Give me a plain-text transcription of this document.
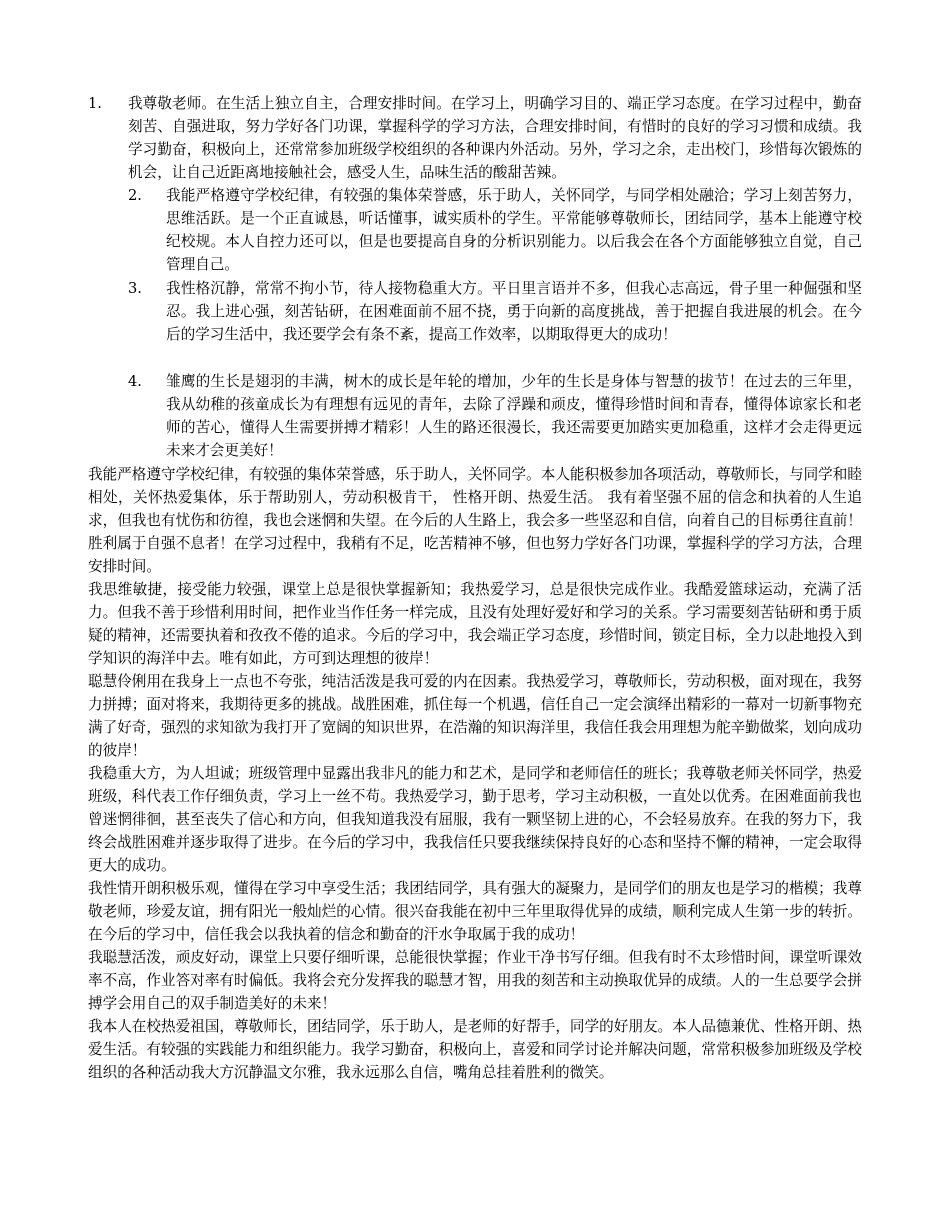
1. 我尊敬老师。在生活上独立自主，合理安排时间。在学习上，明确学习目的、端正学习态度。在学习过程中，勤奋刻苦、自强进取，努力学好各门功课，掌握科学的学习方法，合理安排时间，有惜时的良好的学习习惯和成绩。我学习勤奋，积极向上，还常常参加班级学校组织的各种课内外活动。另外，学习之余，走出校门，珍惜每次锻炼的机会，让自己近距离地接触社会，感受人生，品味生活的酸甜苦辣。
2. 我能严格遵守学校纪律，有较强的集体荣誉感，乐于助人，关怀同学，与同学相处融洽；学习上刻苦努力，思维活跃。是一个正直诚恳，听话懂事，诚实质朴的学生。平常能够尊敬师长，团结同学，基本上能遵守校纪校规。本人自控力还可以，但是也要提高自身的分析识别能力。以后我会在各个方面能够独立自觉，自己管理自己。
3. 我性格沉静，常常不拘小节，待人接物稳重大方。平日里言语并不多，但我心志高远，骨子里一种倔强和坚忍。我上进心强，刻苦钻研，在困难面前不屈不挠，勇于向新的高度挑战，善于把握自我进展的机会。在今后的学习生活中，我还要学会有条不紊，提高工作效率，以期取得更大的成功！
4. 雏鹰的生长是翅羽的丰满，树木的成长是年轮的增加，少年的生长是身体与智慧的拔节！在过去的三年里，我从幼稚的孩童成长为有理想有远见的青年，去除了浮躁和顽皮，懂得珍惜时间和青春，懂得体谅家长和老师的苦心，懂得人生需要拼搏才精彩！人生的路还很漫长，我还需要更加踏实更加稳重，这样才会走得更远未来才会更美好！

我能严格遵守学校纪律，有较强的集体荣誉感，乐于助人，关怀同学。本人能积极参加各项活动，尊敬师长，与同学和睦相处，关怀热爱集体，乐于帮助别人，劳动积极肯干， 性格开朗、热爱生活。 我有着坚强不屈的信念和执着的人生追求，但我也有忧伤和彷徨，我也会迷惘和失望。在今后的人生路上，我会多一些坚忍和自信，向着自己的目标勇往直前！胜利属于自强不息者！在学习过程中，我稍有不足，吃苦精神不够，但也努力学好各门功课，掌握科学的学习方法，合理安排时间。

我思维敏捷，接受能力较强，课堂上总是很快掌握新知；我热爱学习，总是很快完成作业。我酷爱篮球运动，充满了活力。但我不善于珍惜利用时间，把作业当作任务一样完成，且没有处理好爱好和学习的关系。学习需要刻苦钻研和勇于质疑的精神，还需要执着和孜孜不倦的追求。今后的学习中，我会端正学习态度，珍惜时间，锁定目标，全力以赴地投入到学知识的海洋中去。唯有如此，方可到达理想的彼岸！

聪慧伶俐用在我身上一点也不夸张，纯洁活泼是我可爱的内在因素。我热爱学习，尊敬师长，劳动积极，面对现在，我努力拼搏；面对将来，我期待更多的挑战。战胜困难，抓住每一个机遇，信任自己一定会演绎出精彩的一幕对一切新事物充满了好奇，强烈的求知欲为我打开了宽阔的知识世界，在浩瀚的知识海洋里，我信任我会用理想为舵辛勤做桨，划向成功的彼岸！

我稳重大方，为人坦诚；班级管理中显露出我非凡的能力和艺术，是同学和老师信任的班长；我尊敬老师关怀同学，热爱班级，科代表工作仔细负责，学习上一丝不苟。我热爱学习，勤于思考，学习主动积极，一直处以优秀。在困难面前我也曾迷惘徘徊，甚至丧失了信心和方向，但我知道我没有屈服，我有一颗坚韧上进的心，不会轻易放弃。在我的努力下，我终会战胜困难并逐步取得了进步。在今后的学习中，我我信任只要我继续保持良好的心态和坚持不懈的精神，一定会取得更大的成功。

我性情开朗积极乐观，懂得在学习中享受生活；我团结同学，具有强大的凝聚力，是同学们的朋友也是学习的楷模；我尊敬老师，珍爱友谊，拥有阳光一般灿烂的心情。很兴奋我能在初中三年里取得优异的成绩，顺利完成人生第一步的转折。在今后的学习中，信任我会以我执着的信念和勤奋的汗水争取属于我的成功！

我聪慧活泼，顽皮好动，课堂上只要仔细听课，总能很快掌握；作业干净书写仔细。但我有时不太珍惜时间，课堂听课效率不高，作业答对率有时偏低。我将会充分发挥我的聪慧才智，用我的刻苦和主动换取优异的成绩。人的一生总要学会拼搏学会用自己的双手制造美好的未来！

我本人在校热爱祖国，尊敬师长，团结同学，乐于助人，是老师的好帮手，同学的好朋友。本人品德兼优、性格开朗、热爱生活。有较强的实践能力和组织能力。我学习勤奋，积极向上，喜爱和同学讨论并解决问题，常常积极参加班级及学校组织的各种活动我大方沉静温文尔雅，我永远那么自信，嘴角总挂着胜利的微笑。
